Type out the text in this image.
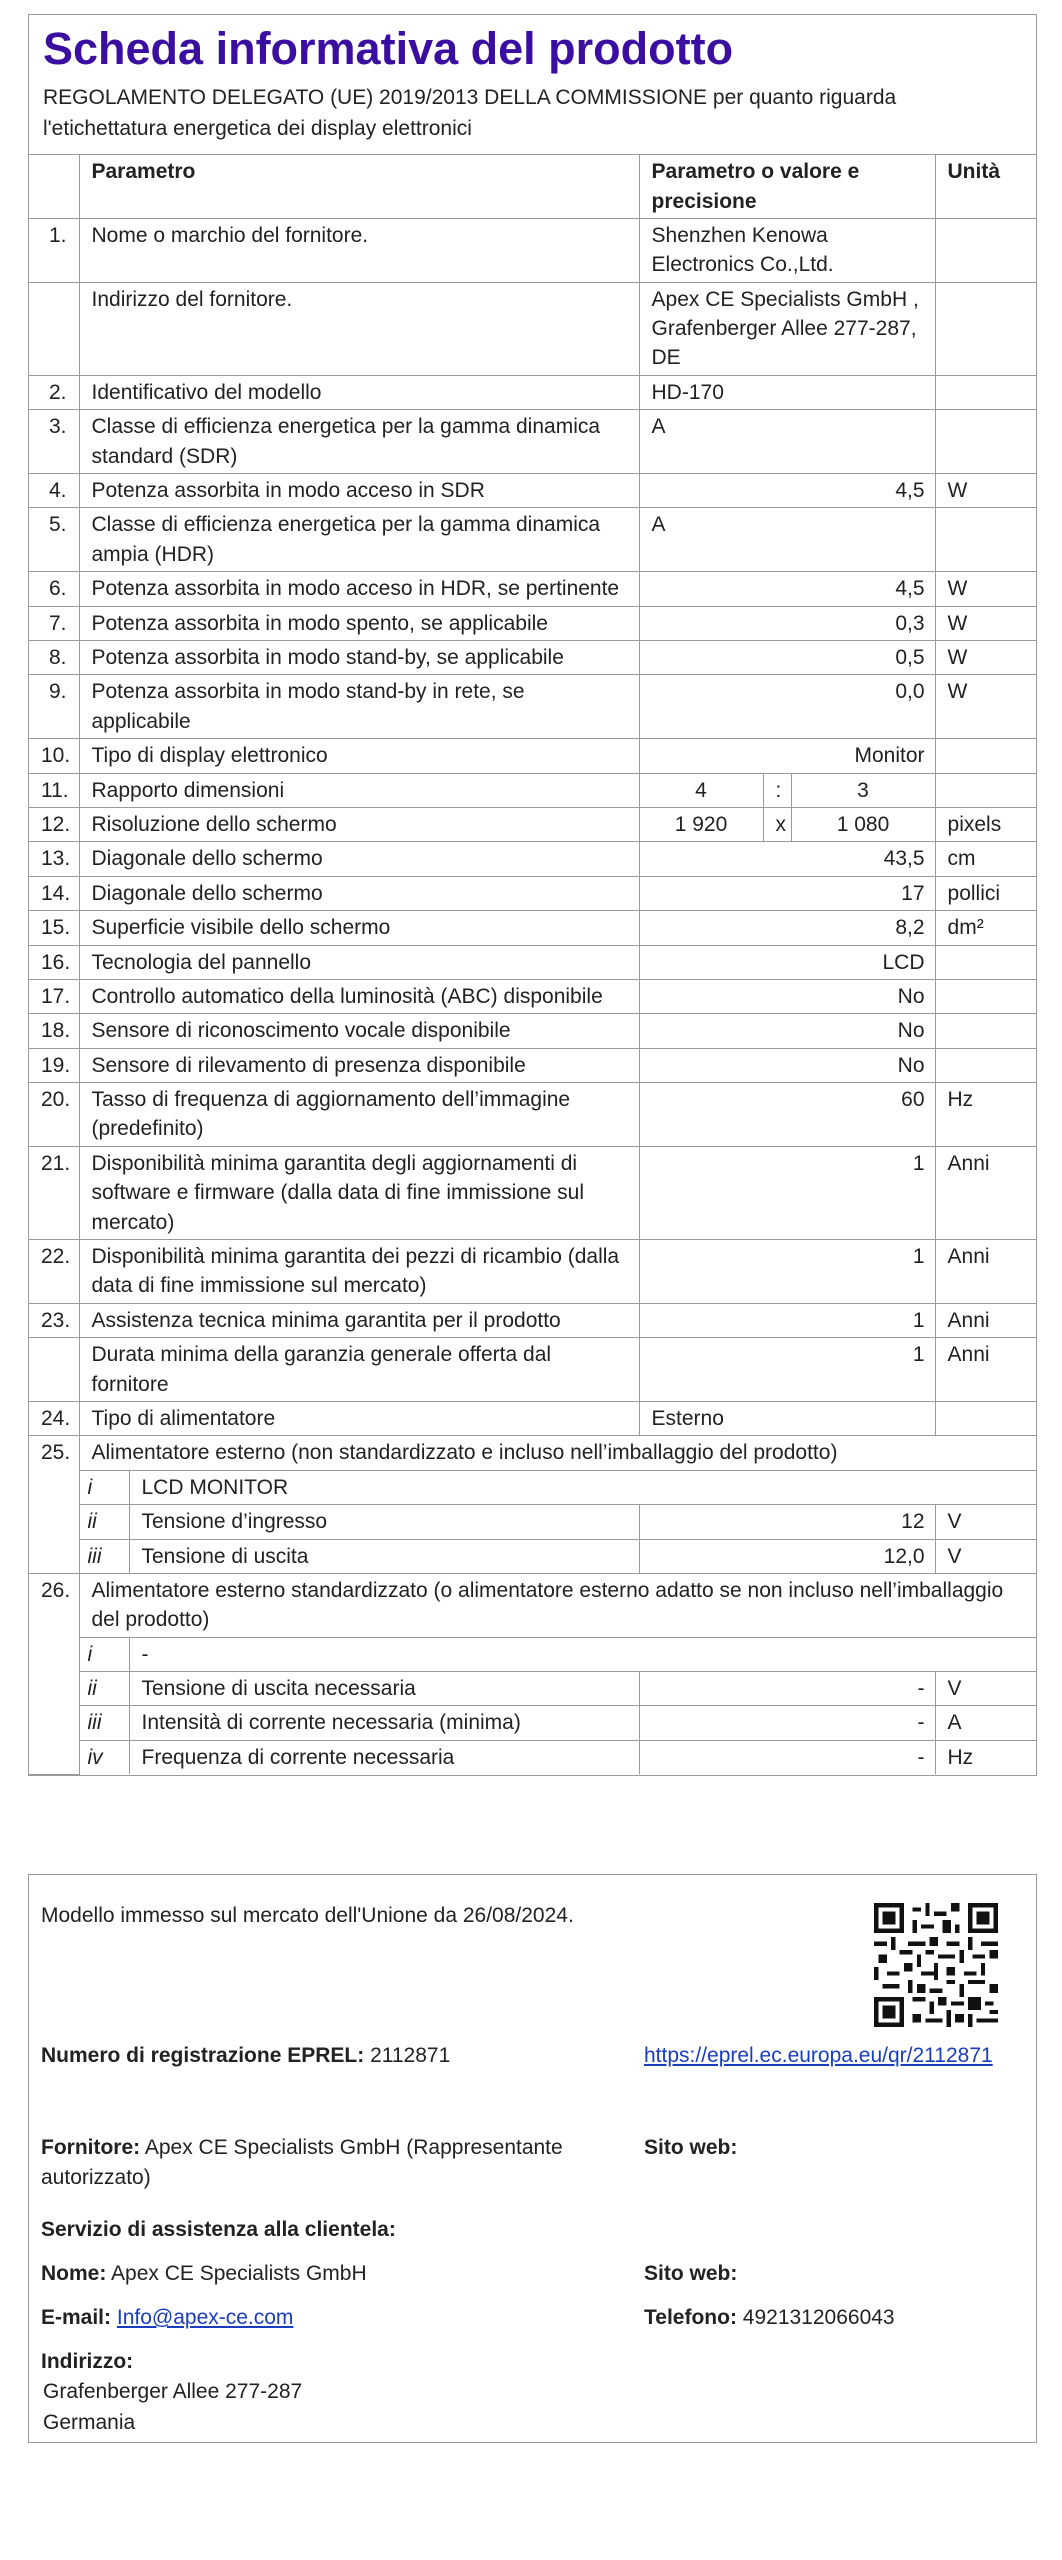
Scheda informativa del prodotto
REGOLAMENTO DELEGATO (UE) 2019/2013 DELLA COMMISSIONE per quanto riguarda l'etichettatura energetica dei display elettronici
	Parametro		Parametro o valore e precisione			Unità	
1.	Nome o marchio del fornitore.		Shenzhen Kenowa Electronics Co.,Ltd.				
	Indirizzo del fornitore.		Apex CE Specialists GmbH , Grafenberger Allee 277-287, DE				
2.	Identificativo del modello		HD-170				
3.	Classe di efficienza energetica per la gamma dinamica standard (SDR)		A				
4.	Potenza assorbita in modo acceso in SDR		4,5			W	
5.	Classe di efficienza energetica per la gamma dinamica ampia (HDR)		A				
6.	Potenza assorbita in modo acceso in HDR, se pertinente		4,5			W	
7.	Potenza assorbita in modo spento, se applicabile		0,3			W	
8.	Potenza assorbita in modo stand-by, se applicabile		0,5			W	
9.	Potenza assorbita in modo stand-by in rete, se applicabile		0,0			W	
10.	Tipo di display elettronico		Monitor				
11.	Rapporto dimensioni		4	:	3		
12.	Risoluzione dello schermo		1 920	x	1 080	pixels	
13.	Diagonale dello schermo		43,5			cm	
14.	Diagonale dello schermo		17			pollici	
15.	Superficie visibile dello schermo		8,2			dm²	
16.	Tecnologia del pannello		LCD				
17.	Controllo automatico della luminosità (ABC) disponibile		No				
18.	Sensore di riconoscimento vocale disponibile		No				
19.	Sensore di rilevamento di presenza disponibile		No				
20.	Tasso di frequenza di aggiornamento dell’immagine (predefinito)		60			Hz	
21.	Disponibilità minima garantita degli aggiornamenti di software e firmware (dalla data di fine immissione sul mercato)		1			Anni	
22.	Disponibilità minima garantita dei pezzi di ricambio (dalla data di fine immissione sul mercato)		1			Anni	
23.	Assistenza tecnica minima garantita per il prodotto		1			Anni	
	Durata minima della garanzia generale offerta dal fornitore		1			Anni	
24.	Tipo di alimentatore		Esterno				
25.	Alimentatore esterno (non standardizzato e incluso nell’imballaggio del prodotto)						
	i	LCD MONITOR					
	ii	Tensione d’ingresso	12			V	
	iii	Tensione di uscita	12,0			V	
26.	Alimentatore esterno standardizzato (o alimentatore esterno adatto se non incluso nell’imballaggio del prodotto)						
	i	-					
	ii	Tensione di uscita necessaria	-			V	
	iii	Intensità di corrente necessaria (minima)	-			A	
	iv	Frequenza di corrente necessaria	-			Hz	
Modello immesso sul mercato dell'Unione da 26/08/2024.
Numero di registrazione EPREL: 2112871	https://eprel.ec.europa.eu/qr/2112871
Fornitore: Apex CE Specialists GmbH (Rappresentante autorizzato)
Sito web:
Servizio di assistenza alla clientela:
Nome: Apex CE Specialists GmbH	Sito web:
E-mail: Info@apex-ce.com	Telefono: 4921312066043
Indirizzo:
Grafenberger Allee 277-287
Germania
